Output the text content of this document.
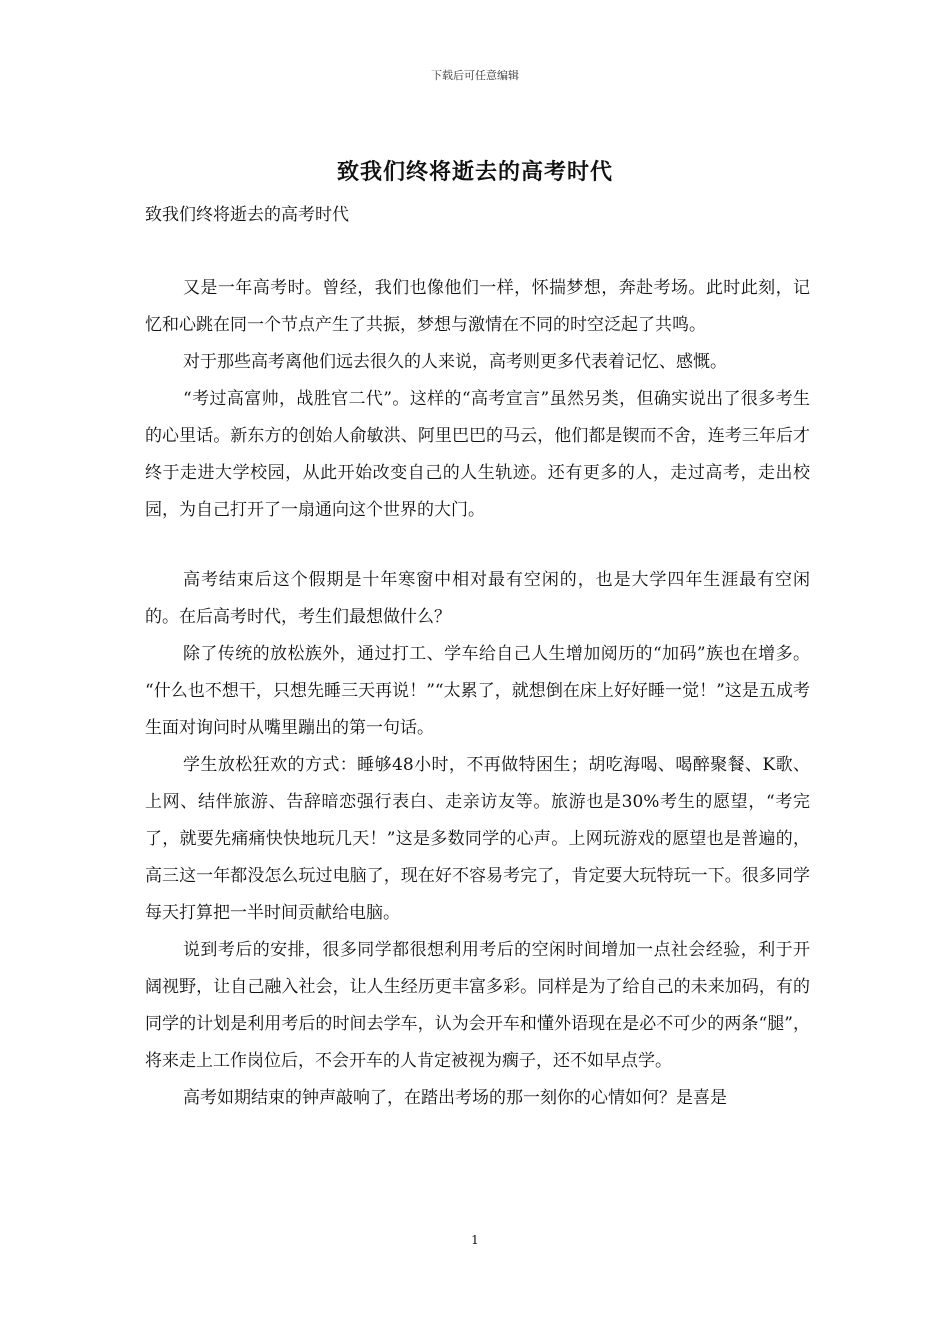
下载后可任意编辑
致我们终将逝去的高考时代
致我们终将逝去的高考时代

又是一年高考时。曾经，我们也像他们一样，怀揣梦想，奔赴考场。此时此刻，记忆和心跳在同一个节点产生了共振，梦想与激情在不同的时空泛起了共鸣。

对于那些高考离他们远去很久的人来说，高考则更多代表着记忆、感慨。

“考过高富帅，战胜官二代”。这样的“高考宣言”虽然另类，但确实说出了很多考生的心里话。新东方的创始人俞敏洪、阿里巴巴的马云，他们都是锲而不舍，连考三年后才终于走进大学校园，从此开始改变自己的人生轨迹。还有更多的人，走过高考，走出校园，为自己打开了一扇通向这个世界的大门。

高考结束后这个假期是十年寒窗中相对最有空闲的，也是大学四年生涯最有空闲的。在后高考时代，考生们最想做什么？

除了传统的放松族外，通过打工、学车给自己人生增加阅历的“加码”族也在增多。 “什么也不想干，只想先睡三天再说！”“太累了，就想倒在床上好好睡一觉！”这是五成考生面对询问时从嘴里蹦出的第一句话。

学生放松狂欢的方式：睡够48小时，不再做特困生；胡吃海喝、喝醉聚餐、K歌、上网、结伴旅游、告辞暗恋强行表白、走亲访友等。旅游也是30%考生的愿望，“考完了，就要先痛痛快快地玩几天！”这是多数同学的心声。上网玩游戏的愿望也是普遍的，高三这一年都没怎么玩过电脑了，现在好不容易考完了，肯定要大玩特玩一下。很多同学每天打算把一半时间贡献给电脑。

说到考后的安排，很多同学都很想利用考后的空闲时间增加一点社会经验，利于开阔视野，让自己融入社会，让人生经历更丰富多彩。同样是为了给自己的未来加码，有的同学的计划是利用考后的时间去学车，认为会开车和懂外语现在是必不可少的两条“腿”，将来走上工作岗位后，不会开车的人肯定被视为瘸子，还不如早点学。

高考如期结束的钟声敲响了，在踏出考场的那一刻你的心情如何？是喜是

1
